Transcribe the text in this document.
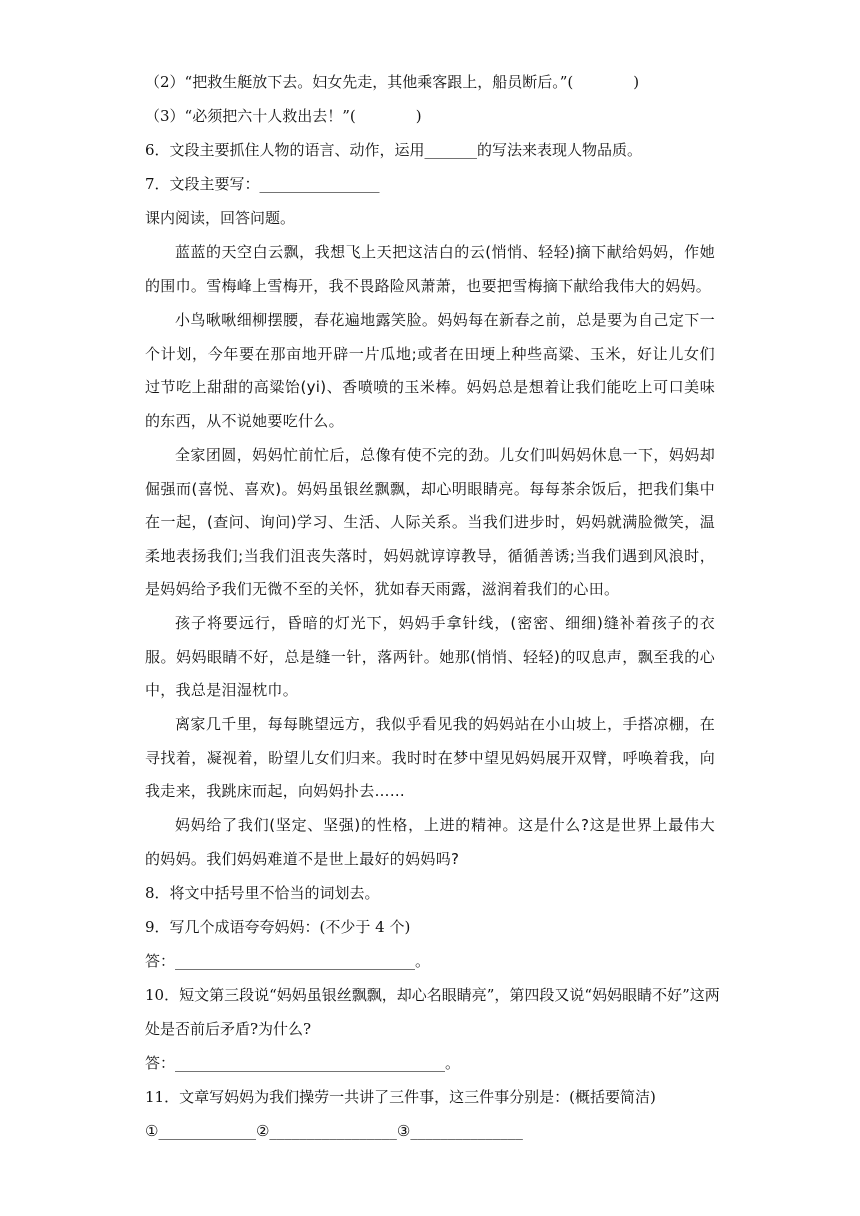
（2）“把救生艇放下去。妇女先走，其他乘客跟上，船员断后。”(　　　　)
（3）“必须把六十人救出去！”(　　　　)
6．文段主要抓住人物的语言、动作，运用_______的写法来表现人物品质。
7．文段主要写：________________
课内阅读，回答问题。
蓝蓝的天空白云飘，我想飞上天把这洁白的云(悄悄、轻轻)摘下献给妈妈，作她的围巾。雪梅峰上雪梅开，我不畏路险风萧萧，也要把雪梅摘下献给我伟大的妈妈。
小鸟啾啾细柳摆腰，春花遍地露笑脸。妈妈每在新春之前，总是要为自己定下一个计划，今年要在那亩地开辟一片瓜地;或者在田埂上种些高粱、玉米，好让儿女们过节吃上甜甜的高粱饴(yi)、香喷喷的玉米棒。妈妈总是想着让我们能吃上可口美味的东西，从不说她要吃什么。
全家团圆，妈妈忙前忙后，总像有使不完的劲。儿女们叫妈妈休息一下，妈妈却倔强而(喜悦、喜欢)。妈妈虽银丝飘飘，却心明眼睛亮。每每茶余饭后，把我们集中在一起，(查问、询问)学习、生活、人际关系。当我们进步时，妈妈就满脸微笑，温柔地表扬我们;当我们沮丧失落时，妈妈就谆谆教导，循循善诱;当我们遇到风浪时，是妈妈给予我们无微不至的关怀，犹如春天雨露，滋润着我们的心田。
孩子将要远行，昏暗的灯光下，妈妈手拿针线，(密密、细细)缝补着孩子的衣服。妈妈眼睛不好，总是缝一针，落两针。她那(悄悄、轻轻)的叹息声，飘至我的心中，我总是泪湿枕巾。
离家几千里，每每眺望远方，我似乎看见我的妈妈站在小山坡上，手搭凉棚，在寻找着，凝视着，盼望儿女们归来。我时时在梦中望见妈妈展开双臂，呼唤着我，向我走来，我跳床而起，向妈妈扑去……
妈妈给了我们(坚定、坚强)的性格，上进的精神。这是什么?这是世界上最伟大的妈妈。我们妈妈难道不是世上最好的妈妈吗?
8．将文中括号里不恰当的词划去。
9．写几个成语夸夸妈妈：(不少于 4 个)
答：________________________________。
10．短文第三段说“妈妈虽银丝飘飘，却心名眼睛亮”，第四段又说“妈妈眼睛不好”这两
处是否前后矛盾?为什么?
答：____________________________________。
11．文章写妈妈为我们操劳一共讲了三件事，这三件事分别是：(概括要简洁)
①_____________②_________________③_______________
